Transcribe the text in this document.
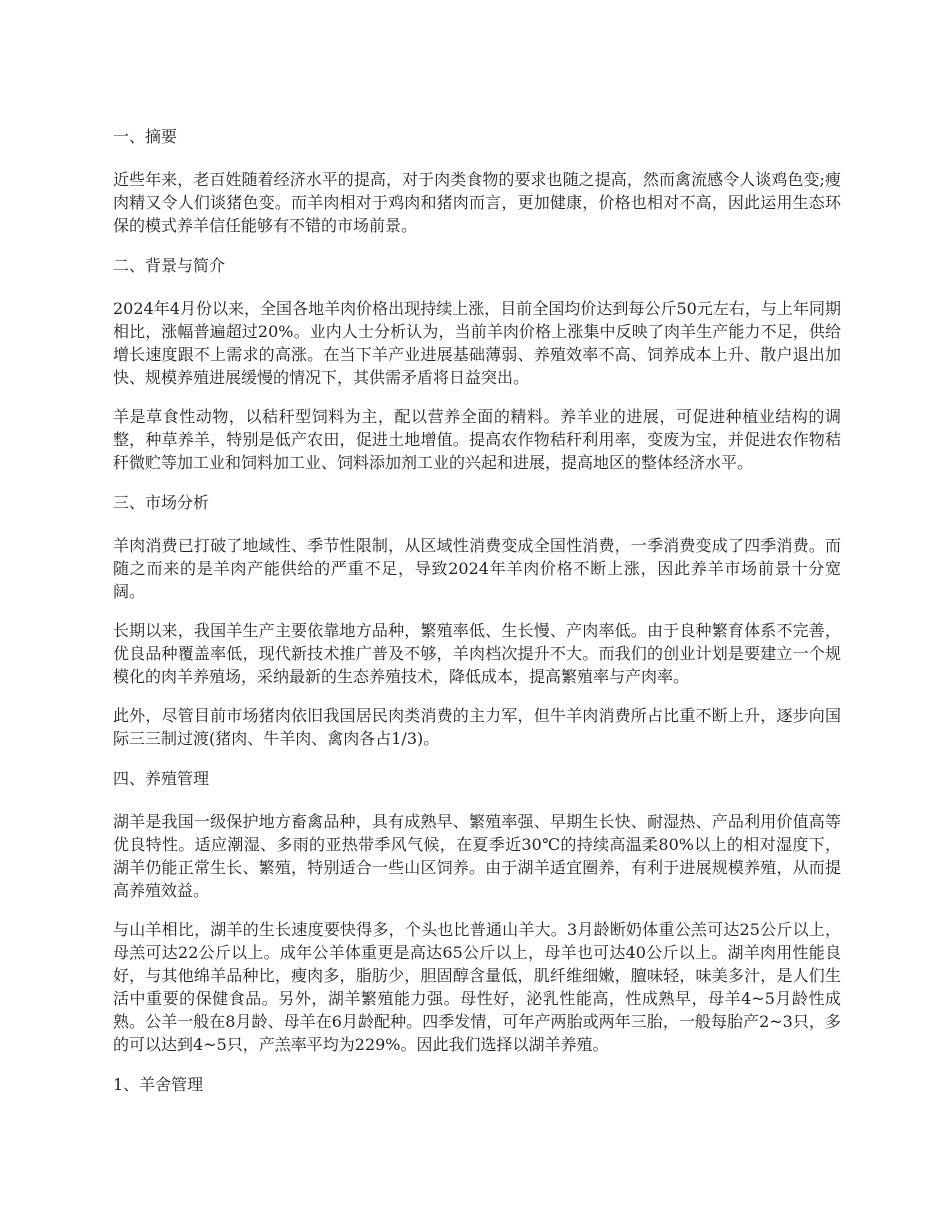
一、摘要
近些年来，老百姓随着经济水平的提高，对于肉类食物的要求也随之提高，然而禽流感令人谈鸡色变;瘦肉精又令人们谈猪色变。而羊肉相对于鸡肉和猪肉而言，更加健康，价格也相对不高，因此运用生态环保的模式养羊信任能够有不错的市场前景。
二、背景与简介
2024年4月份以来，全国各地羊肉价格出现持续上涨，目前全国均价达到每公斤50元左右，与上年同期相比，涨幅普遍超过20%。业内人士分析认为，当前羊肉价格上涨集中反映了肉羊生产能力不足，供给增长速度跟不上需求的高涨。在当下羊产业进展基础薄弱、养殖效率不高、饲养成本上升、散户退出加快、规模养殖进展缓慢的情况下，其供需矛盾将日益突出。
羊是草食性动物，以秸秆型饲料为主，配以营养全面的精料。养羊业的进展，可促进种植业结构的调整，种草养羊，特别是低产农田，促进土地增值。提高农作物秸秆利用率，变废为宝，并促进农作物秸秆微贮等加工业和饲料加工业、饲料添加剂工业的兴起和进展，提高地区的整体经济水平。
三、市场分析
羊肉消费已打破了地域性、季节性限制，从区域性消费变成全国性消费，一季消费变成了四季消费。而随之而来的是羊肉产能供给的严重不足，导致2024年羊肉价格不断上涨，因此养羊市场前景十分宽阔。
长期以来，我国羊生产主要依靠地方品种，繁殖率低、生长慢、产肉率低。由于良种繁育体系不完善，优良品种覆盖率低，现代新技术推广普及不够，羊肉档次提升不大。而我们的创业计划是要建立一个规模化的肉羊养殖场，采纳最新的生态养殖技术，降低成本，提高繁殖率与产肉率。
此外，尽管目前市场猪肉依旧我国居民肉类消费的主力军，但牛羊肉消费所占比重不断上升，逐步向国际三三制过渡(猪肉、牛羊肉、禽肉各占1/3)。
四、养殖管理
湖羊是我国一级保护地方畜禽品种，具有成熟早、繁殖率强、早期生长快、耐湿热、产品利用价值高等优良特性。适应潮湿、多雨的亚热带季风气候，在夏季近30℃的持续高温柔80%以上的相对湿度下，湖羊仍能正常生长、繁殖，特别适合一些山区饲养。由于湖羊适宜圈养，有利于进展规模养殖，从而提高养殖效益。
与山羊相比，湖羊的生长速度要快得多，个头也比普通山羊大。3月龄断奶体重公羔可达25公斤以上，母羔可达22公斤以上。成年公羊体重更是高达65公斤以上，母羊也可达40公斤以上。湖羊肉用性能良好，与其他绵羊品种比，瘦肉多，脂肪少，胆固醇含量低，肌纤维细嫩，膻味轻，味美多汁，是人们生活中重要的保健食品。另外，湖羊繁殖能力强。母性好，泌乳性能高，性成熟早，母羊4~5月龄性成熟。公羊一般在8月龄、母羊在6月龄配种。四季发情，可年产两胎或两年三胎，一般每胎产2~3只，多的可以达到4~5只，产羔率平均为229%。因此我们选择以湖羊养殖。
1、羊舍管理
